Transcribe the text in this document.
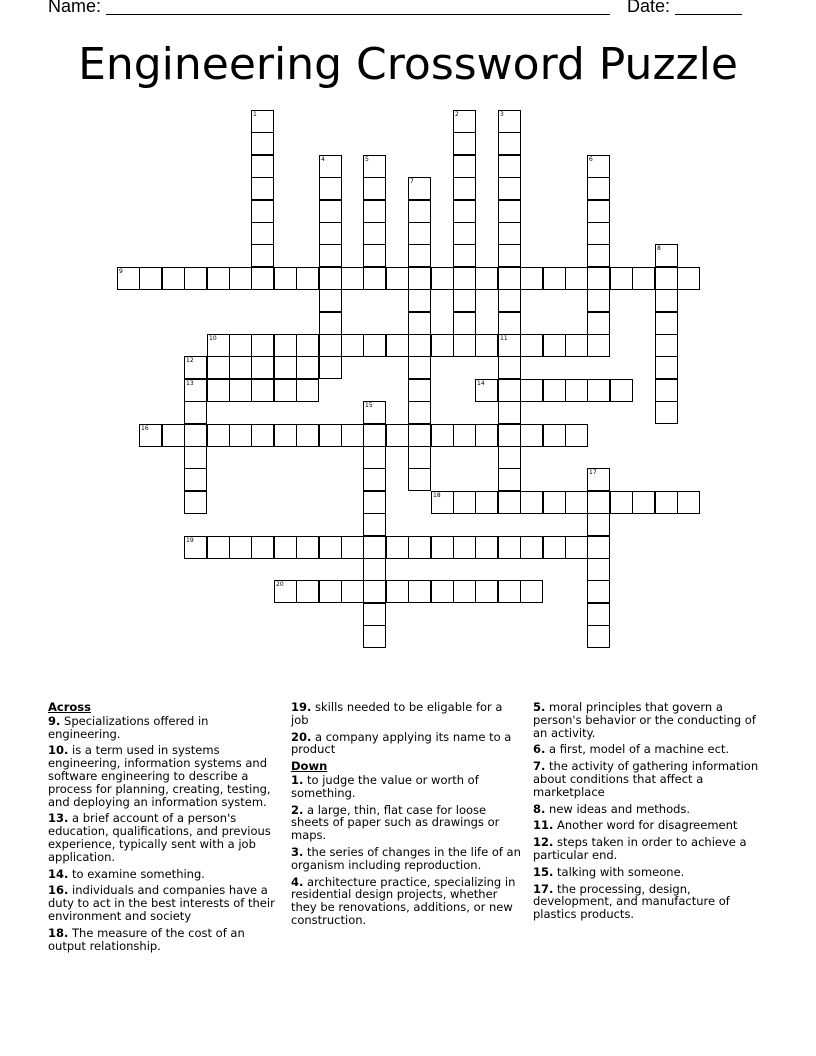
Name:	Date:
Engineering Crossword Puzzle
9
10	11
12
13	14
16
18
19
20
1	2	3
4	5	6
7
8
15
17
Across
9. Specializations offered in engineering.
10. is a term used in systems engineering, information systems and software engineering to describe a process for planning, creating, testing, and deploying an information system.
13. a brief account of a person's education, qualifications, and previous experience, typically sent with a job application.
14. to examine something.
16. individuals and companies have a duty to act in the best interests of their environment and society
18. The measure of the cost of an output relationship.
19. skills needed to be eligable for a job
20. a company applying its name to a product
Down
1. to judge the value or worth of something.
2. a large, thin, flat case for loose sheets of paper such as drawings or maps.
3. the series of changes in the life of an organism including reproduction.
4. architecture practice, specializing in residential design projects, whether they be renovations, additions, or new construction.
5. moral principles that govern a person's behavior or the conducting of an activity.
6. a first, model of a machine ect.
7. the activity of gathering information about conditions that affect a marketplace
8. new ideas and methods.
11. Another word for disagreement
12. steps taken in order to achieve a particular end.
15. talking with someone.
17. the processing, design, development, and manufacture of plastics products.
